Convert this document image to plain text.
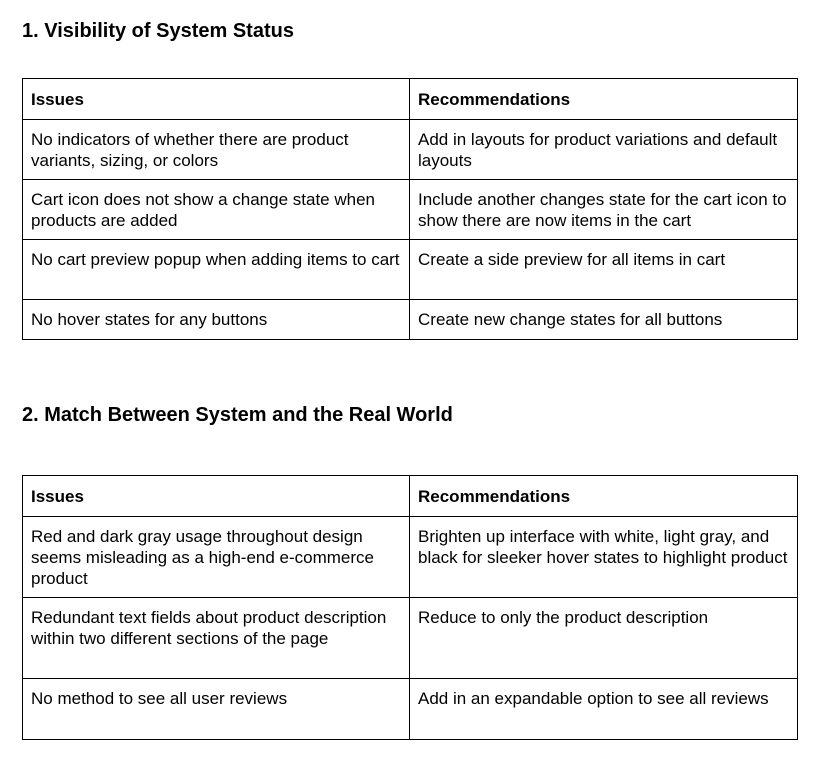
1. Visibility of System Status
Issues	Recommendations
No indicators of whether there are product variants, sizing, or colors	Add in layouts for product variations and default layouts
Cart icon does not show a change state when products are added	Include another changes state for the cart icon to show there are now items in the cart
No cart preview popup when adding items to cart	Create a side preview for all items in cart
No hover states for any buttons	Create new change states for all buttons
2. Match Between System and the Real World
Issues	Recommendations
Red and dark gray usage throughout design seems misleading as a high-end e-commerce product	Brighten up interface with white, light gray, and black for sleeker hover states to highlight product
Redundant text fields about product description within two different sections of the page	Reduce to only the product description
No method to see all user reviews	Add in an expandable option to see all reviews
